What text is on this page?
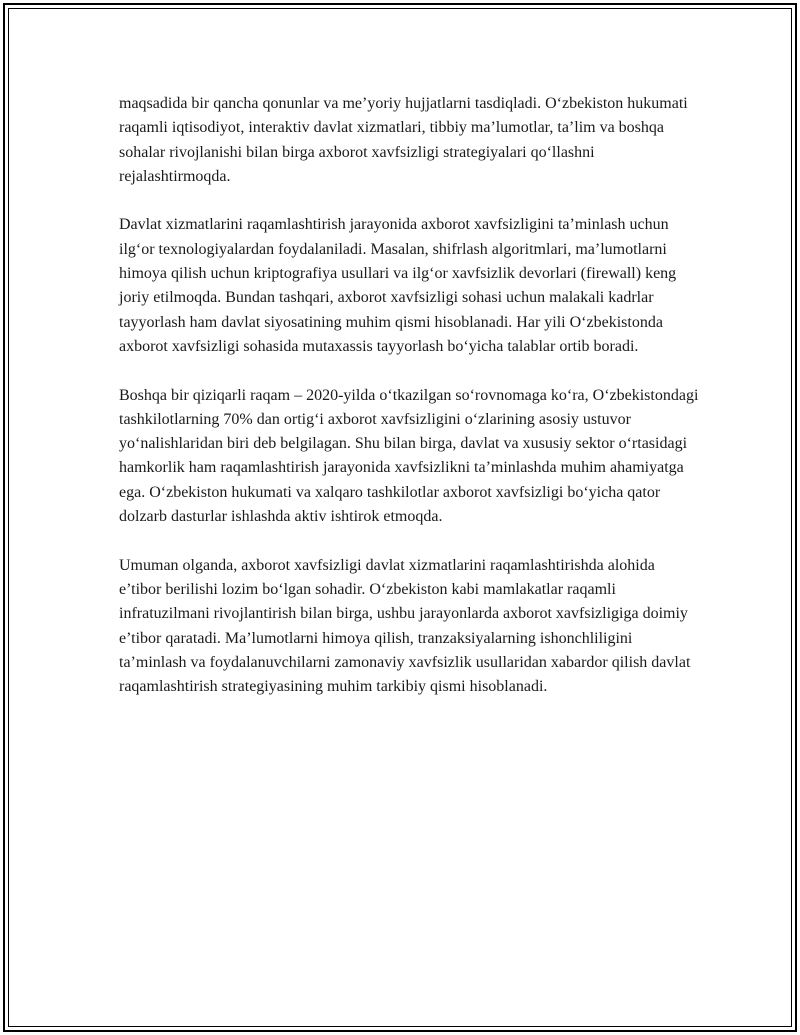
maqsadida bir qancha qonunlar va me’yoriy hujjatlarni tasdiqladi. O‘zbekiston hukumati raqamli iqtisodiyot, interaktiv davlat xizmatlari, tibbiy ma’lumotlar, ta’lim va boshqa sohalar rivojlanishi bilan birga axborot xavfsizligi strategiyalari qo‘llashni rejalashtirmoqda.

Davlat xizmatlarini raqamlashtirish jarayonida axborot xavfsizligini ta’minlash uchun ilg‘or texnologiyalardan foydalaniladi. Masalan, shifrlash algoritmlari, ma’lumotlarni himoya qilish uchun kriptografiya usullari va ilg‘or xavfsizlik devorlari (firewall) keng joriy etilmoqda. Bundan tashqari, axborot xavfsizligi sohasi uchun malakali kadrlar tayyorlash ham davlat siyosatining muhim qismi hisoblanadi. Har yili O‘zbekistonda axborot xavfsizligi sohasida mutaxassis tayyorlash bo‘yicha talablar ortib boradi.

Boshqa bir qiziqarli raqam – 2020-yilda o‘tkazilgan so‘rovnomaga ko‘ra, O‘zbekistondagi tashkilotlarning 70% dan ortig‘i axborot xavfsizligini o‘zlarining asosiy ustuvor yo‘nalishlaridan biri deb belgilagan. Shu bilan birga, davlat va xususiy sektor o‘rtasidagi hamkorlik ham raqamlashtirish jarayonida xavfsizlikni ta’minlashda muhim ahamiyatga ega. O‘zbekiston hukumati va xalqaro tashkilotlar axborot xavfsizligi bo‘yicha qator dolzarb dasturlar ishlashda aktiv ishtirok etmoqda.

Umuman olganda, axborot xavfsizligi davlat xizmatlarini raqamlashtirishda alohida e’tibor berilishi lozim bo‘lgan sohadir. O‘zbekiston kabi mamlakatlar raqamli infratuzilmani rivojlantirish bilan birga, ushbu jarayonlarda axborot xavfsizligiga doimiy e’tibor qaratadi. Ma’lumotlarni himoya qilish, tranzaksiyalarning ishonchliligini ta’minlash va foydalanuvchilarni zamonaviy xavfsizlik usullaridan xabardor qilish davlat raqamlashtirish strategiyasining muhim tarkibiy qismi hisoblanadi.
